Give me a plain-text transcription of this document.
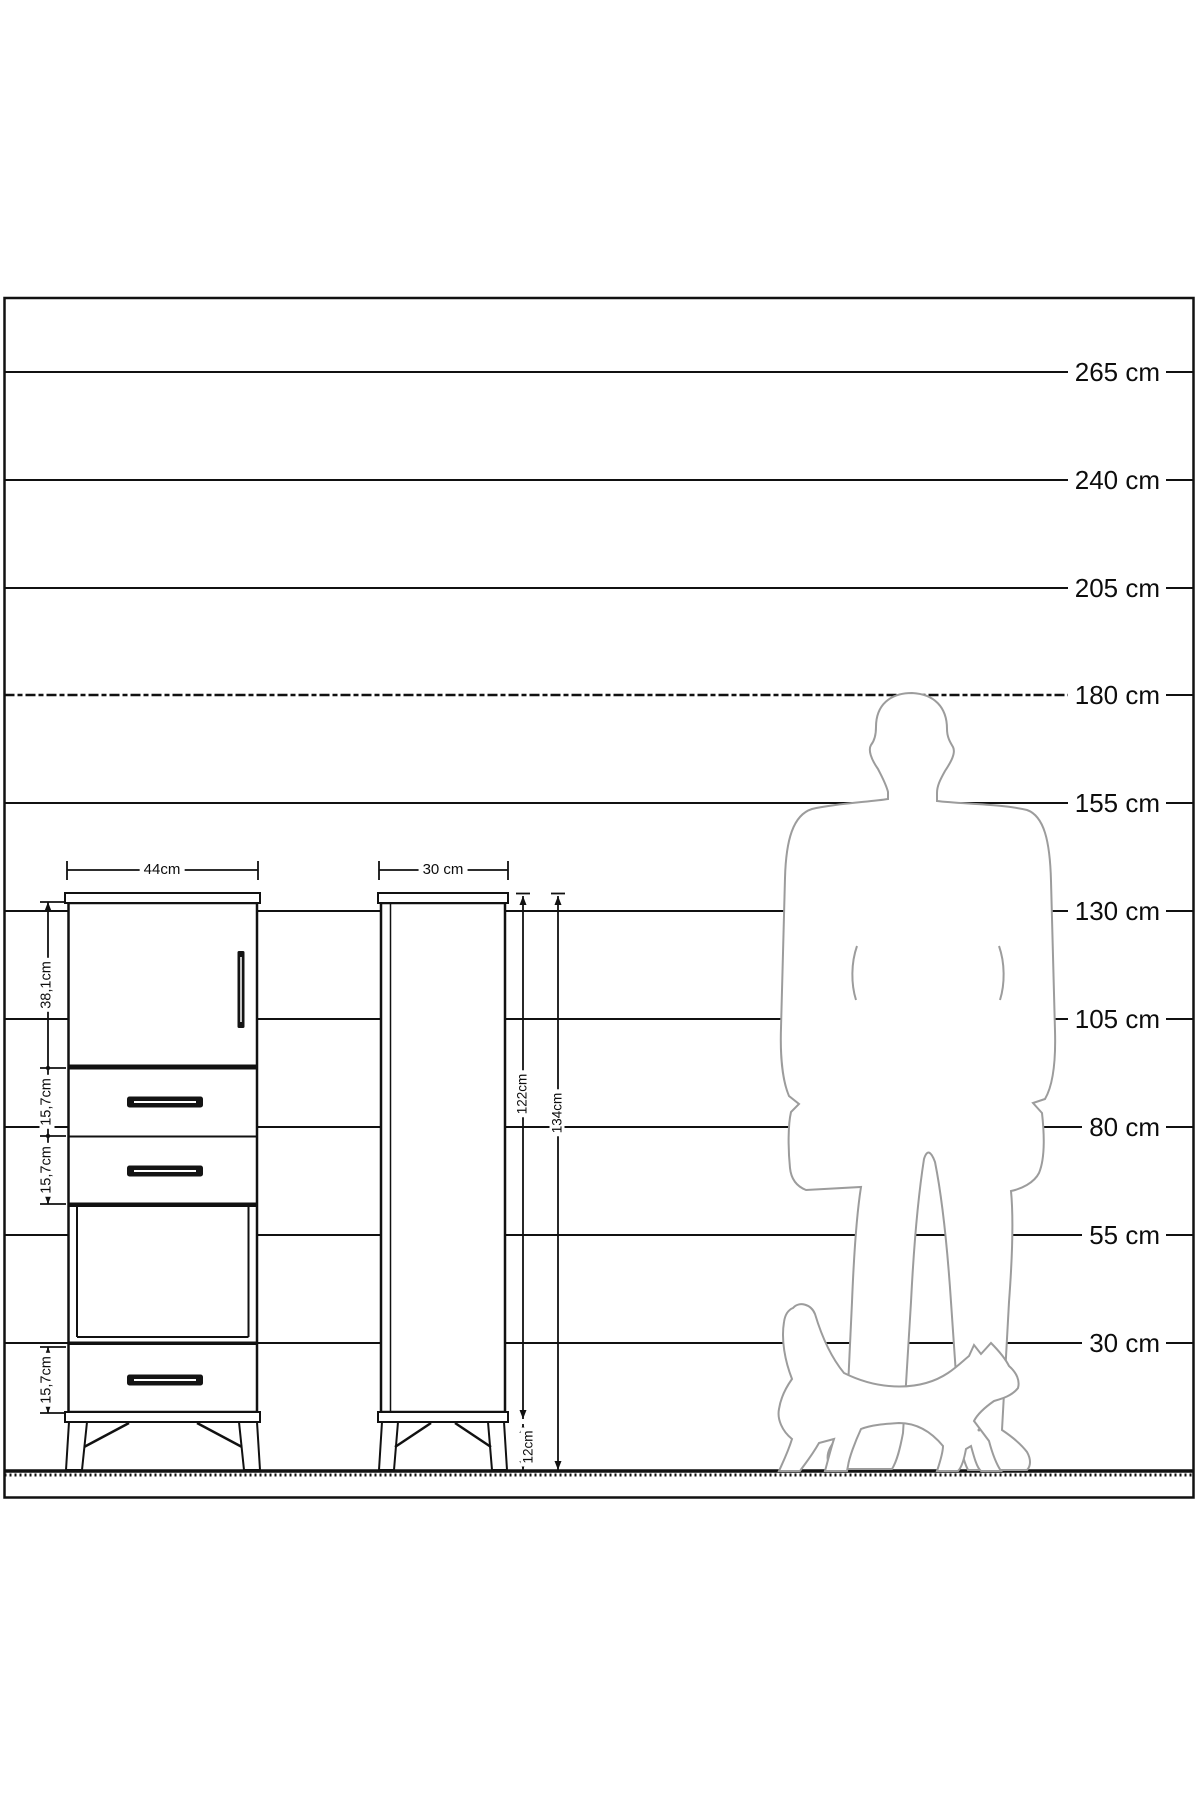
265 cm
240 cm
205 cm
180 cm
155 cm
130 cm
105 cm
80 cm
55 cm
30 cm
44cm	30 cm
38,1cm
15,7cm
15,7cm
15,7cm
122cm 134cm
12cm
